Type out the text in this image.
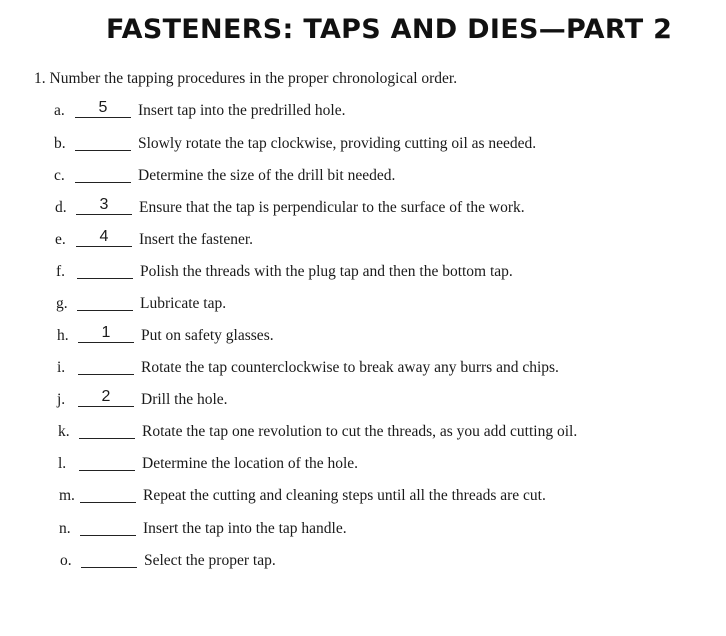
FASTENERS: TAPS AND DIES—PART 2
1. Number the tapping procedures in the proper chronological order.
a.	5	Insert tap into the predrilled hole.
b.	Slowly rotate the tap clockwise, providing cutting oil as needed.
c.	Determine the size of the drill bit needed.
d.	3	Ensure that the tap is perpendicular to the surface of the work.
e.	4	Insert the fastener.
f.	Polish the threads with the plug tap and then the bottom tap.
g.	Lubricate tap.
h.	1	Put on safety glasses.
i.	Rotate the tap counterclockwise to break away any burrs and chips.
j.	2	Drill the hole.
k.	Rotate the tap one revolution to cut the threads, as you add cutting oil.
l.	Determine the location of the hole.
m.	Repeat the cutting and cleaning steps until all the threads are cut.
n.	Insert the tap into the tap handle.
o.	Select the proper tap.
